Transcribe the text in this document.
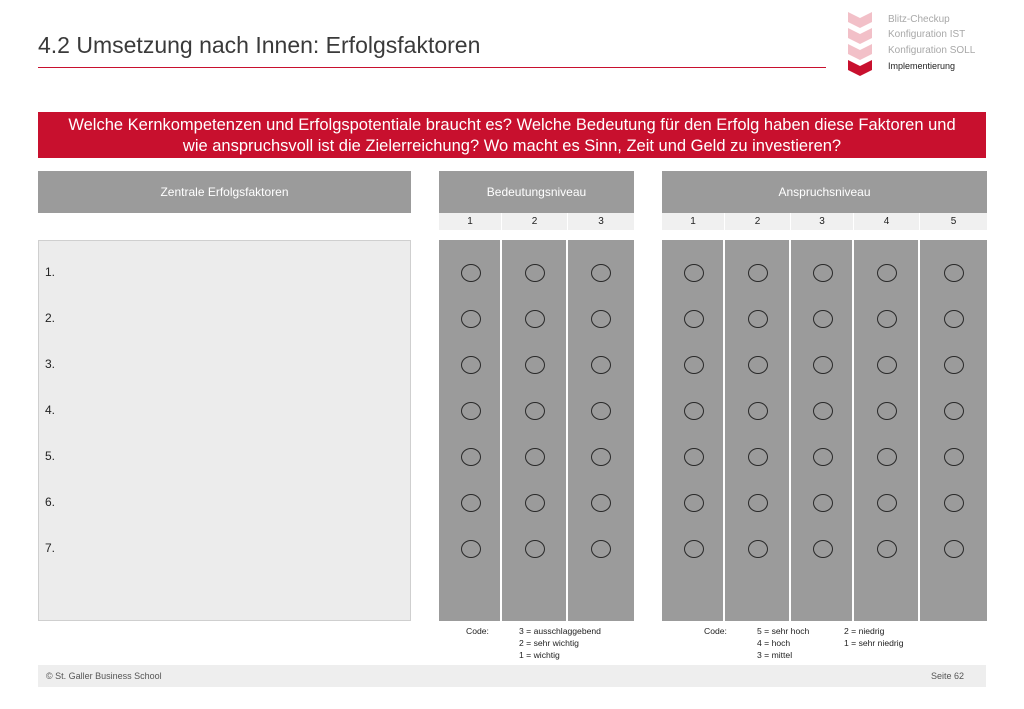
4.2 Umsetzung nach Innen: Erfolgsfaktoren
Blitz-Checkup
Konfiguration IST
Konfiguration SOLL
Implementierung
Welche Kernkompetenzen und Erfolgspotentiale braucht es? Welche Bedeutung für den Erfolg haben diese Faktoren und
wie anspruchsvoll ist die Zielerreichung? Wo macht es Sinn, Zeit und Geld zu investieren?
Zentrale Erfolgsfaktoren	Bedeutungsniveau	Anspruchsniveau
1	2	3	1	2	3	4	5
1.
2.
3.
4.
5.
6.
7.
Code:	3 = ausschlaggebend
2 = sehr wichtig
1 = wichtig
Code:	5 = sehr hoch
4 = hoch
3 = mittel
2 = niedrig
1 = sehr niedrig
© St. Galler Business School	Seite 62
